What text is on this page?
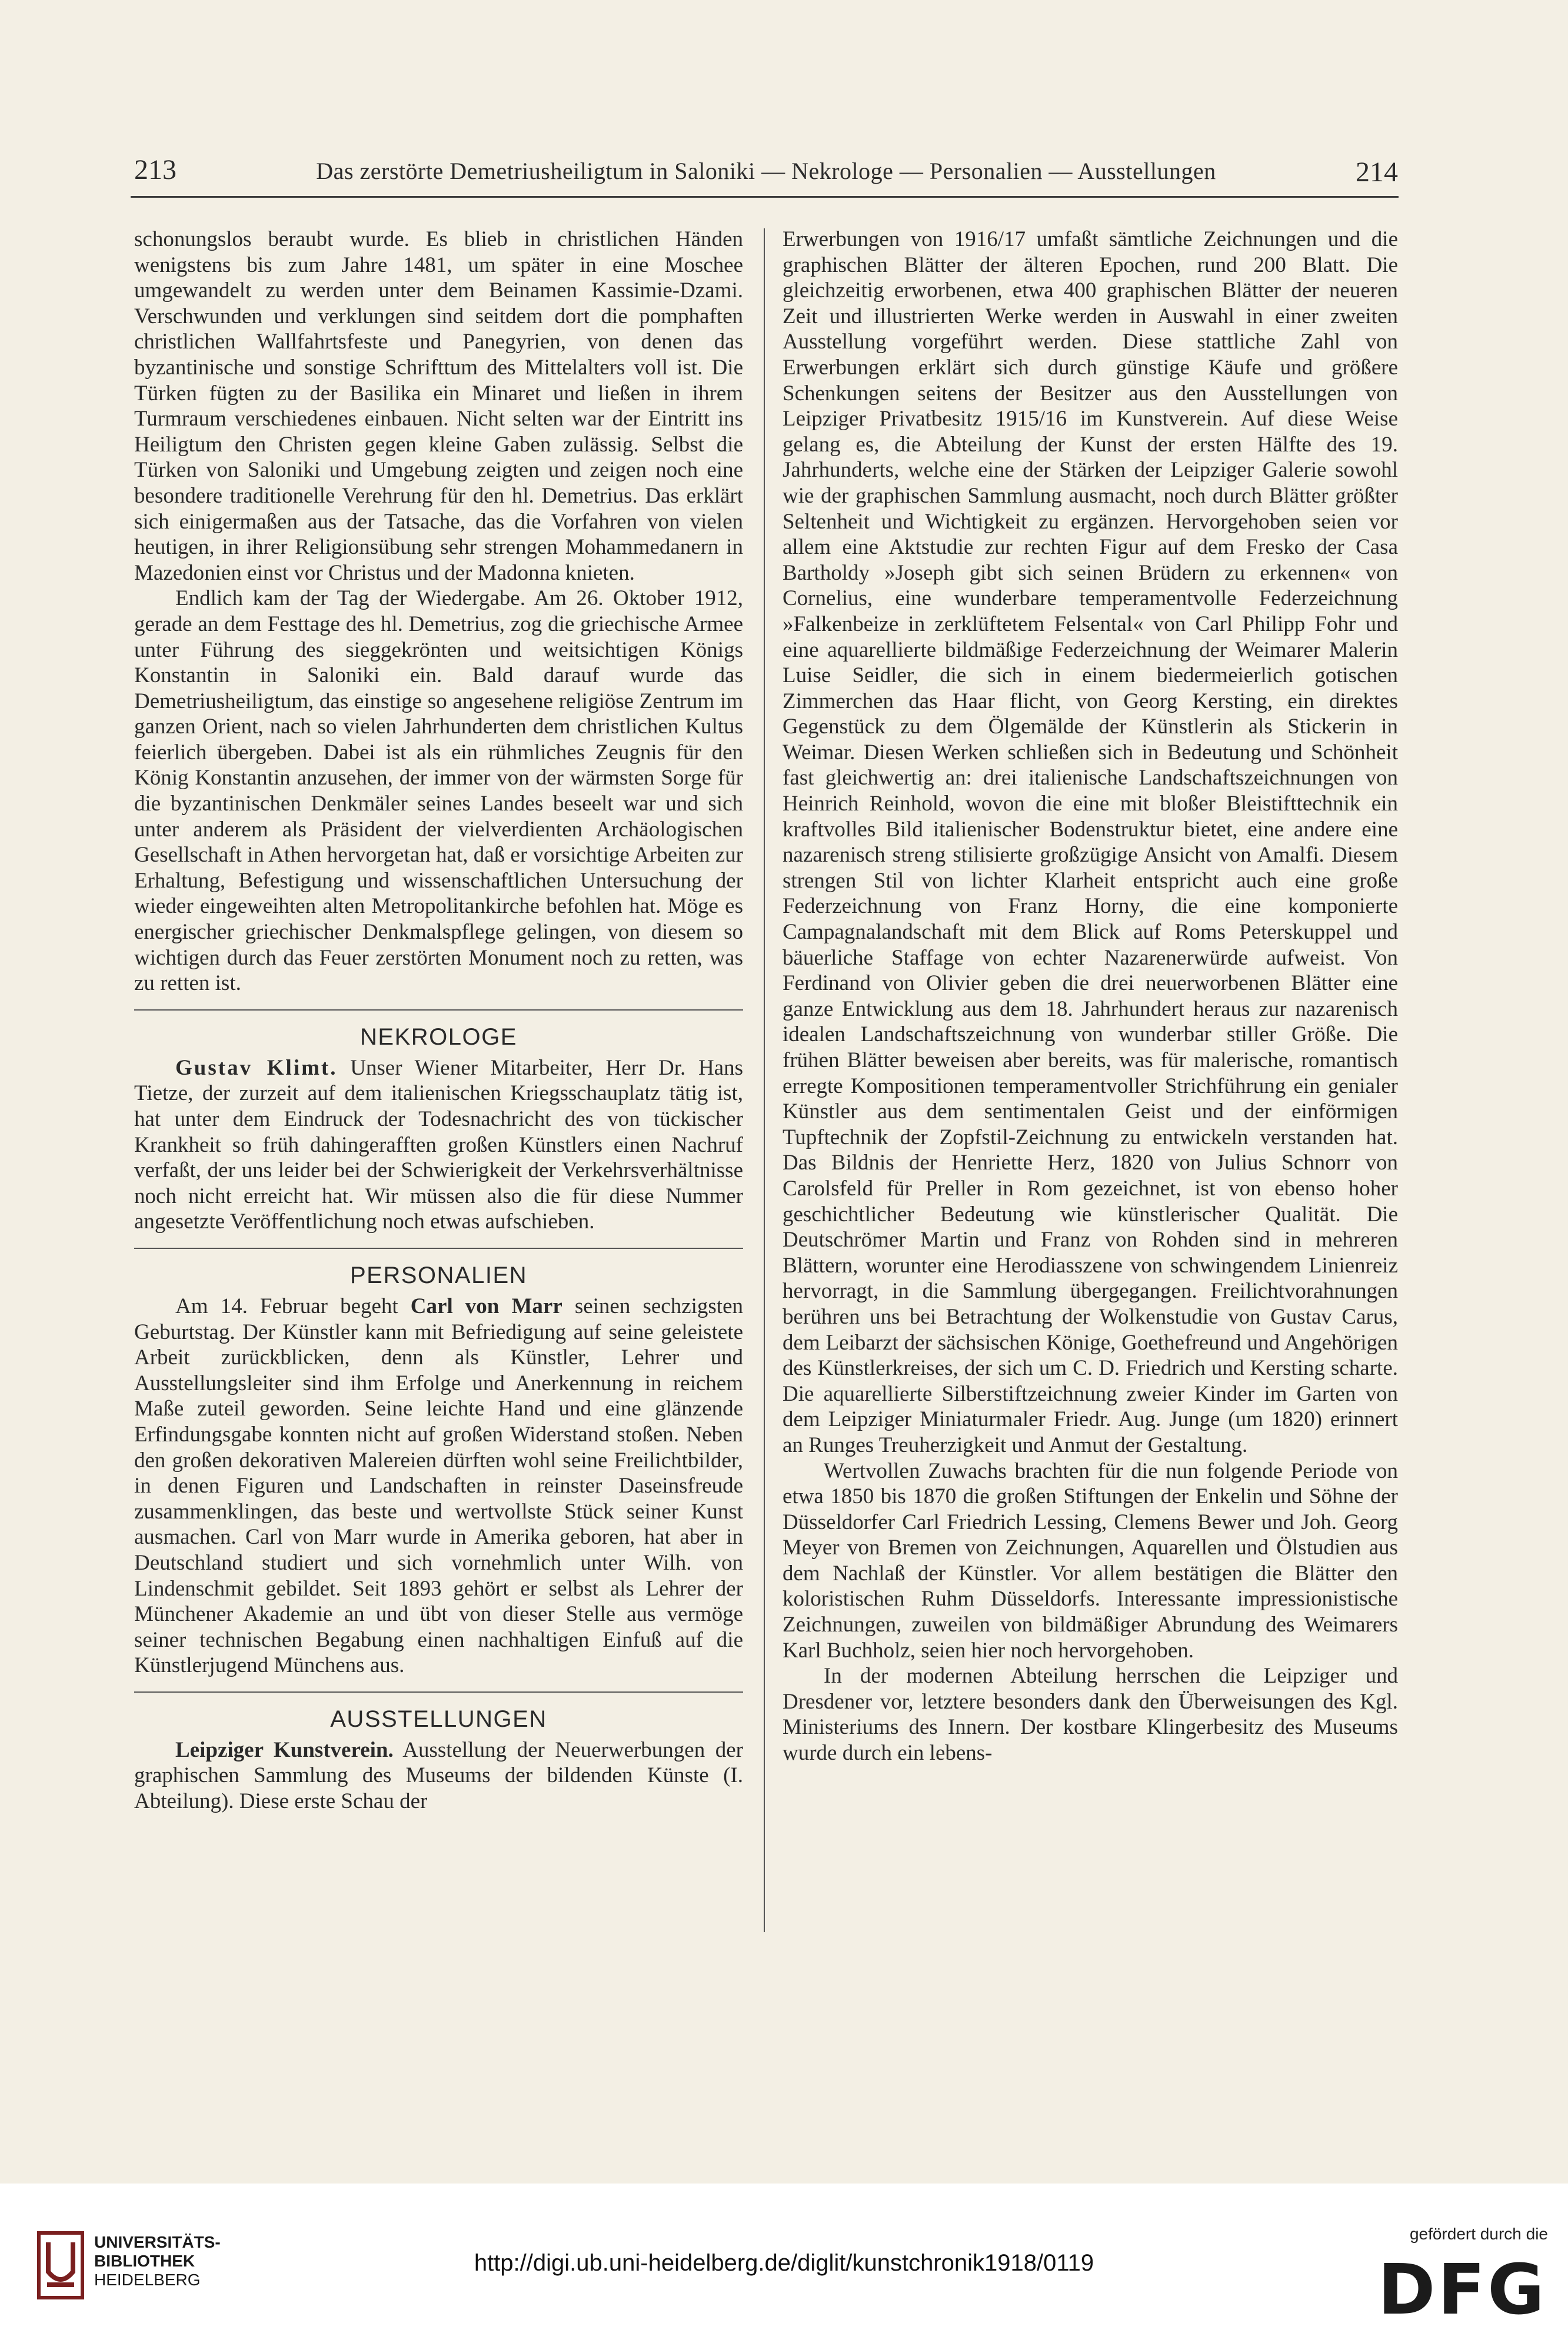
213	Das zerstörte Demetriusheiligtum in Saloniki — Nekrologe — Personalien — Ausstellungen	214

schonungslos beraubt wurde. Es blieb in christlichen Händen wenigstens bis zum Jahre 1481, um später in eine Moschee umgewandelt zu werden unter dem Beinamen Kassimie-Dzami. Verschwunden und verklungen sind seitdem dort die pomphaften christlichen Wallfahrtsfeste und Panegyrien, von denen das byzantinische und sonstige Schrifttum des Mittelalters voll ist. Die Türken fügten zu der Basilika ein Minaret und ließen in ihrem Turmraum verschiedenes einbauen. Nicht selten war der Eintritt ins Heiligtum den Christen gegen kleine Gaben zulässig. Selbst die Türken von Saloniki und Umgebung zeigten und zeigen noch eine besondere traditionelle Verehrung für den hl. Demetrius. Das erklärt sich einigermaßen aus der Tatsache, das die Vorfahren von vielen heutigen, in ihrer Religionsübung sehr strengen Mohammedanern in Mazedonien einst vor Christus und der Madonna knieten.

Endlich kam der Tag der Wiedergabe. Am 26. Oktober 1912, gerade an dem Festtage des hl. Demetrius, zog die griechische Armee unter Führung des sieggekrönten und weitsichtigen Königs Konstantin in Saloniki ein. Bald darauf wurde das Demetriusheiligtum, das einstige so angesehene religiöse Zentrum im ganzen Orient, nach so vielen Jahrhunderten dem christlichen Kultus feierlich übergeben. Dabei ist als ein rühmliches Zeugnis für den König Konstantin anzusehen, der immer von der wärmsten Sorge für die byzantinischen Denkmäler seines Landes beseelt war und sich unter anderem als Präsident der vielverdienten Archäologischen Gesellschaft in Athen hervorgetan hat, daß er vorsichtige Arbeiten zur Erhaltung, Befestigung und wissenschaftlichen Untersuchung der wieder eingeweihten alten Metropolitankirche befohlen hat. Möge es energischer griechischer Denkmalspflege gelingen, von diesem so wichtigen durch das Feuer zerstörten Monument noch zu retten, was zu retten ist.

NEKROLOGE

Gustav Klimt. Unser Wiener Mitarbeiter, Herr Dr. Hans Tietze, der zurzeit auf dem italienischen Kriegsschauplatz tätig ist, hat unter dem Eindruck der Todesnachricht des von tückischer Krankheit so früh dahingerafften großen Künstlers einen Nachruf verfaßt, der uns leider bei der Schwierigkeit der Verkehrsverhältnisse noch nicht erreicht hat. Wir müssen also die für diese Nummer angesetzte Veröffentlichung noch etwas aufschieben.

PERSONALIEN

Am 14. Februar begeht Carl von Marr seinen sechzigsten Geburtstag. Der Künstler kann mit Befriedigung auf seine geleistete Arbeit zurückblicken, denn als Künstler, Lehrer und Ausstellungsleiter sind ihm Erfolge und Anerkennung in reichem Maße zuteil geworden. Seine leichte Hand und eine glänzende Erfindungsgabe konnten nicht auf großen Widerstand stoßen. Neben den großen dekorativen Malereien dürften wohl seine Freilichtbilder, in denen Figuren und Landschaften in reinster Daseinsfreude zusammenklingen, das beste und wertvollste Stück seiner Kunst ausmachen. Carl von Marr wurde in Amerika geboren, hat aber in Deutschland studiert und sich vornehmlich unter Wilh. von Lindenschmit gebildet. Seit 1893 gehört er selbst als Lehrer der Münchener Akademie an und übt von dieser Stelle aus vermöge seiner technischen Begabung einen nachhaltigen Einfuß auf die Künstlerjugend Münchens aus.

AUSSTELLUNGEN

Leipziger Kunstverein. Ausstellung der Neuerwerbungen der graphischen Sammlung des Museums der bildenden Künste (I. Abteilung). Diese erste Schau der

Erwerbungen von 1916/17 umfaßt sämtliche Zeichnungen und die graphischen Blätter der älteren Epochen, rund 200 Blatt. Die gleichzeitig erworbenen, etwa 400 graphischen Blätter der neueren Zeit und illustrierten Werke werden in Auswahl in einer zweiten Ausstellung vorgeführt werden. Diese stattliche Zahl von Erwerbungen erklärt sich durch günstige Käufe und größere Schenkungen seitens der Besitzer aus den Ausstellungen von Leipziger Privatbesitz 1915/16 im Kunstverein. Auf diese Weise gelang es, die Abteilung der Kunst der ersten Hälfte des 19. Jahrhunderts, welche eine der Stärken der Leipziger Galerie sowohl wie der graphischen Sammlung ausmacht, noch durch Blätter größter Seltenheit und Wichtigkeit zu ergänzen. Hervorgehoben seien vor allem eine Aktstudie zur rechten Figur auf dem Fresko der Casa Bartholdy »Joseph gibt sich seinen Brüdern zu erkennen« von Cornelius, eine wunderbare temperamentvolle Federzeichnung »Falkenbeize in zerklüftetem Felsental« von Carl Philipp Fohr und eine aquarellierte bildmäßige Federzeichnung der Weimarer Malerin Luise Seidler, die sich in einem biedermeierlich gotischen Zimmerchen das Haar flicht, von Georg Kersting, ein direktes Gegenstück zu dem Ölgemälde der Künstlerin als Stickerin in Weimar. Diesen Werken schließen sich in Bedeutung und Schönheit fast gleichwertig an: drei italienische Landschaftszeichnungen von Heinrich Reinhold, wovon die eine mit bloßer Bleistifttechnik ein kraftvolles Bild italienischer Bodenstruktur bietet, eine andere eine nazarenisch streng stilisierte großzügige Ansicht von Amalfi. Diesem strengen Stil von lichter Klarheit entspricht auch eine große Federzeichnung von Franz Horny, die eine komponierte Campagnalandschaft mit dem Blick auf Roms Peterskuppel und bäuerliche Staffage von echter Nazarenerwürde aufweist. Von Ferdinand von Olivier geben die drei neuerworbenen Blätter eine ganze Entwicklung aus dem 18. Jahrhundert heraus zur nazarenisch idealen Landschaftszeichnung von wunderbar stiller Größe. Die frühen Blätter beweisen aber bereits, was für malerische, romantisch erregte Kompositionen temperamentvoller Strichführung ein genialer Künstler aus dem sentimentalen Geist und der einförmigen Tupftechnik der Zopfstil-Zeichnung zu entwickeln verstanden hat. Das Bildnis der Henriette Herz, 1820 von Julius Schnorr von Carolsfeld für Preller in Rom gezeichnet, ist von ebenso hoher geschichtlicher Bedeutung wie künstlerischer Qualität. Die Deutschrömer Martin und Franz von Rohden sind in mehreren Blättern, worunter eine Herodiasszene von schwingendem Linienreiz hervorragt, in die Sammlung übergegangen. Freilichtvorahnungen berühren uns bei Betrachtung der Wolkenstudie von Gustav Carus, dem Leibarzt der sächsischen Könige, Goethefreund und Angehörigen des Künstlerkreises, der sich um C. D. Friedrich und Kersting scharte. Die aquarellierte Silberstiftzeichnung zweier Kinder im Garten von dem Leipziger Miniaturmaler Friedr. Aug. Junge (um 1820) erinnert an Runges Treuherzigkeit und Anmut der Gestaltung.

Wertvollen Zuwachs brachten für die nun folgende Periode von etwa 1850 bis 1870 die großen Stiftungen der Enkelin und Söhne der Düsseldorfer Carl Friedrich Lessing, Clemens Bewer und Joh. Georg Meyer von Bremen von Zeichnungen, Aquarellen und Ölstudien aus dem Nachlaß der Künstler. Vor allem bestätigen die Blätter den koloristischen Ruhm Düsseldorfs. Interessante impressionistische Zeichnungen, zuweilen von bildmäßiger Abrundung des Weimarers Karl Buchholz, seien hier noch hervorgehoben.

In der modernen Abteilung herrschen die Leipziger und Dresdener vor, letztere besonders dank den Überweisungen des Kgl. Ministeriums des Innern. Der kostbare Klingerbesitz des Museums wurde durch ein lebens-

UNIVERSITÄTS-
BIBLIOTHEK
HEIDELBERG
http://digi.ub.uni-heidelberg.de/diglit/kunstchronik1918/0119
gefördert durch die
DFG
